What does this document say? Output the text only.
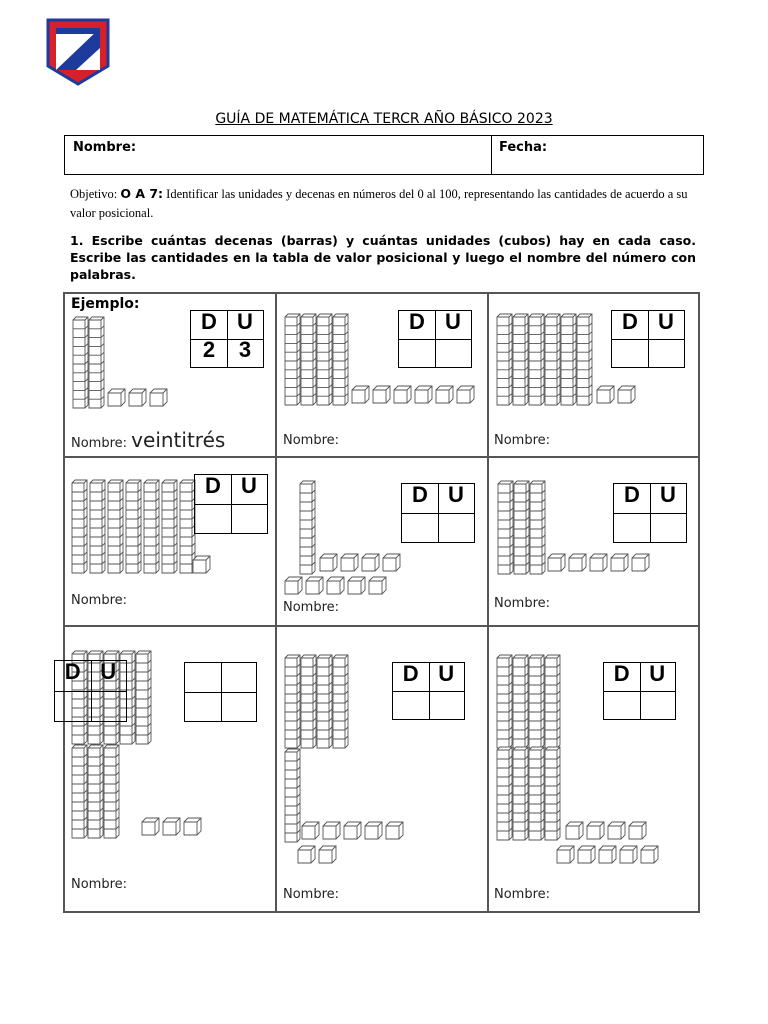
GUÍA DE MATEMÁTICA TERCR AÑO BÁSICO 2023
Nombre:	Fecha:
Objetivo: O A 7: Identificar las unidades y decenas en números del 0 al 100, representando las cantidades de acuerdo a su valor posicional.
1. Escribe cuántas decenas (barras) y cuántas unidades (cubos) hay en cada caso. Escribe las cantidades en la tabla de valor posicional y luego el nombre del número con palabras.
D U
2	3
Nombre: veintitrés
D U
Nombre:
D U
Nombre:
D U
Nombre:
D U
Nombre:
D U
Nombre:
Nombre:
D U
Nombre:
D U
Nombre:
Ejemplo:
D U
